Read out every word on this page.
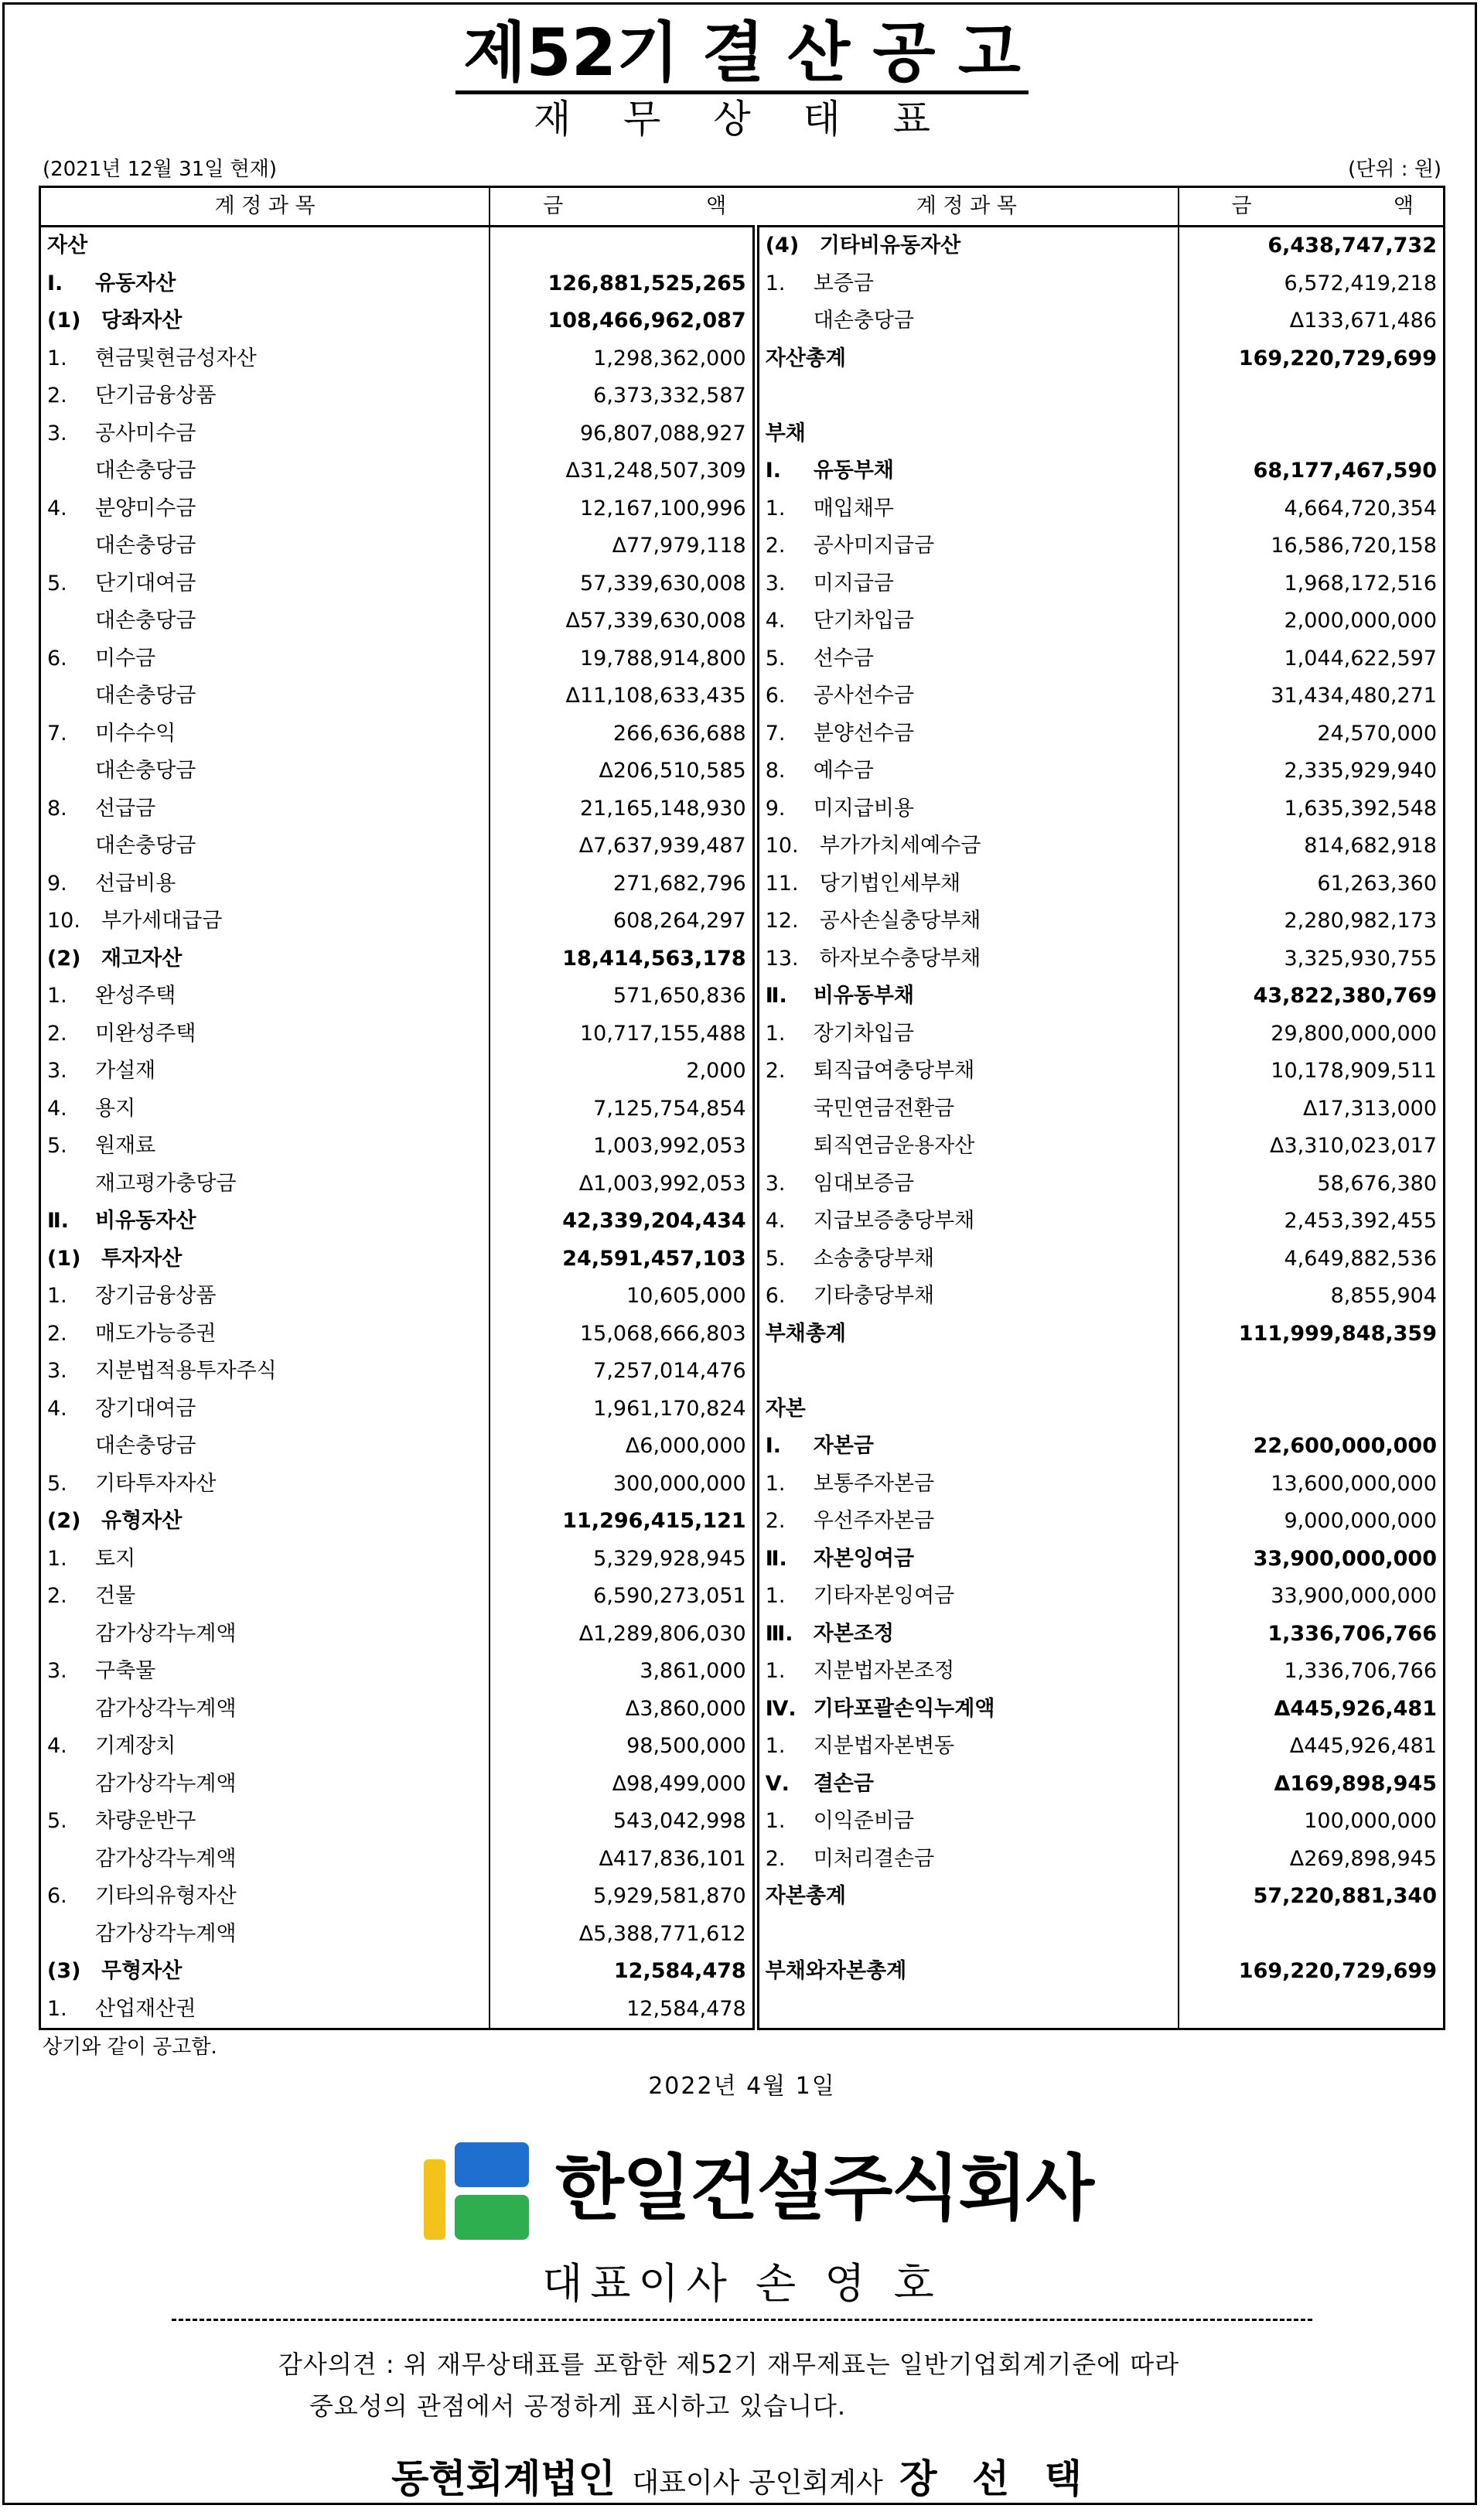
제52기 결 산 공 고
재 무 상 태 표
(2021년 12월 31일 현재)	(단위 : 원)
계 정 과 목	금 액	계 정 과 목	금 액

자산		(4) 기타비유동자산	6,438,747,732

Ⅰ. 유동자산	126,881,525,265	1. 보증금	6,572,419,218

(1) 당좌자산	108,466,962,087	대손충당금	Δ133,671,486

1. 현금및현금성자산	1,298,362,000	자산총계	169,220,729,699

2. 단기금융상품	6,373,332,587	

3. 공사미수금	96,807,088,927	부채	

대손충당금	Δ31,248,507,309	Ⅰ. 유동부채	68,177,467,590

4. 분양미수금	12,167,100,996	1. 매입채무	4,664,720,354

대손충당금	Δ77,979,118	2. 공사미지급금	16,586,720,158

5. 단기대여금	57,339,630,008	3. 미지급금	1,968,172,516

대손충당금	Δ57,339,630,008	4. 단기차입금	2,000,000,000

6. 미수금	19,788,914,800	5. 선수금	1,044,622,597

대손충당금	Δ11,108,633,435	6. 공사선수금	31,434,480,271

7. 미수수익	266,636,688	7. 분양선수금	24,570,000

대손충당금	Δ206,510,585	8. 예수금	2,335,929,940

8. 선급금	21,165,148,930	9. 미지급비용	1,635,392,548

대손충당금	Δ7,637,939,487	10. 부가가치세예수금	814,682,918

9. 선급비용	271,682,796	11. 당기법인세부채	61,263,360

10. 부가세대급금	608,264,297	12. 공사손실충당부채	2,280,982,173

(2) 재고자산	18,414,563,178	13. 하자보수충당부채	3,325,930,755

1. 완성주택	571,650,836	Ⅱ. 비유동부채	43,822,380,769

2. 미완성주택	10,717,155,488	1. 장기차입금	29,800,000,000

3. 가설재	2,000	2. 퇴직급여충당부채	10,178,909,511

4. 용지	7,125,754,854	국민연금전환금	Δ17,313,000

5. 원재료	1,003,992,053	퇴직연금운용자산	Δ3,310,023,017

재고평가충당금	Δ1,003,992,053	3. 임대보증금	58,676,380

Ⅱ. 비유동자산	42,339,204,434	4. 지급보증충당부채	2,453,392,455

(1) 투자자산	24,591,457,103	5. 소송충당부채	4,649,882,536

1. 장기금융상품	10,605,000	6. 기타충당부채	8,855,904

2. 매도가능증권	15,068,666,803	부채총계	111,999,848,359

3. 지분법적용투자주식	7,257,014,476	

4. 장기대여금	1,961,170,824	자본	

대손충당금	Δ6,000,000	Ⅰ. 자본금	22,600,000,000

5. 기타투자자산	300,000,000	1. 보통주자본금	13,600,000,000

(2) 유형자산	11,296,415,121	2. 우선주자본금	9,000,000,000

1. 토지	5,329,928,945	Ⅱ. 자본잉여금	33,900,000,000

2. 건물	6,590,273,051	1. 기타자본잉여금	33,900,000,000

감가상각누계액	Δ1,289,806,030	Ⅲ. 자본조정	1,336,706,766

3. 구축물	3,861,000	1. 지분법자본조정	1,336,706,766

감가상각누계액	Δ3,860,000	Ⅳ. 기타포괄손익누계액	Δ445,926,481

4. 기계장치	98,500,000	1. 지분법자본변동	Δ445,926,481

감가상각누계액	Δ98,499,000	Ⅴ. 결손금	Δ169,898,945

5. 차량운반구	543,042,998	1. 이익준비금	100,000,000

감가상각누계액	Δ417,836,101	2. 미처리결손금	Δ269,898,945

6. 기타의유형자산	5,929,581,870	자본총계	57,220,881,340

감가상각누계액	Δ5,388,771,612	

(3) 무형자산	12,584,478	부채와자본총계	169,220,729,699

1. 산업재산권	12,584,478	

상기와 같이 공고함.
2022년 4월 1일
한일건설주식회사
대표이사 손 영 호
감사의견 : 위 재무상태표를 포함한 제52기 재무제표는 일반기업회계기준에 따라
중요성의 관점에서 공정하게 표시하고 있습니다.
동현회계법인 대표이사 공인회계사 장 선 택
